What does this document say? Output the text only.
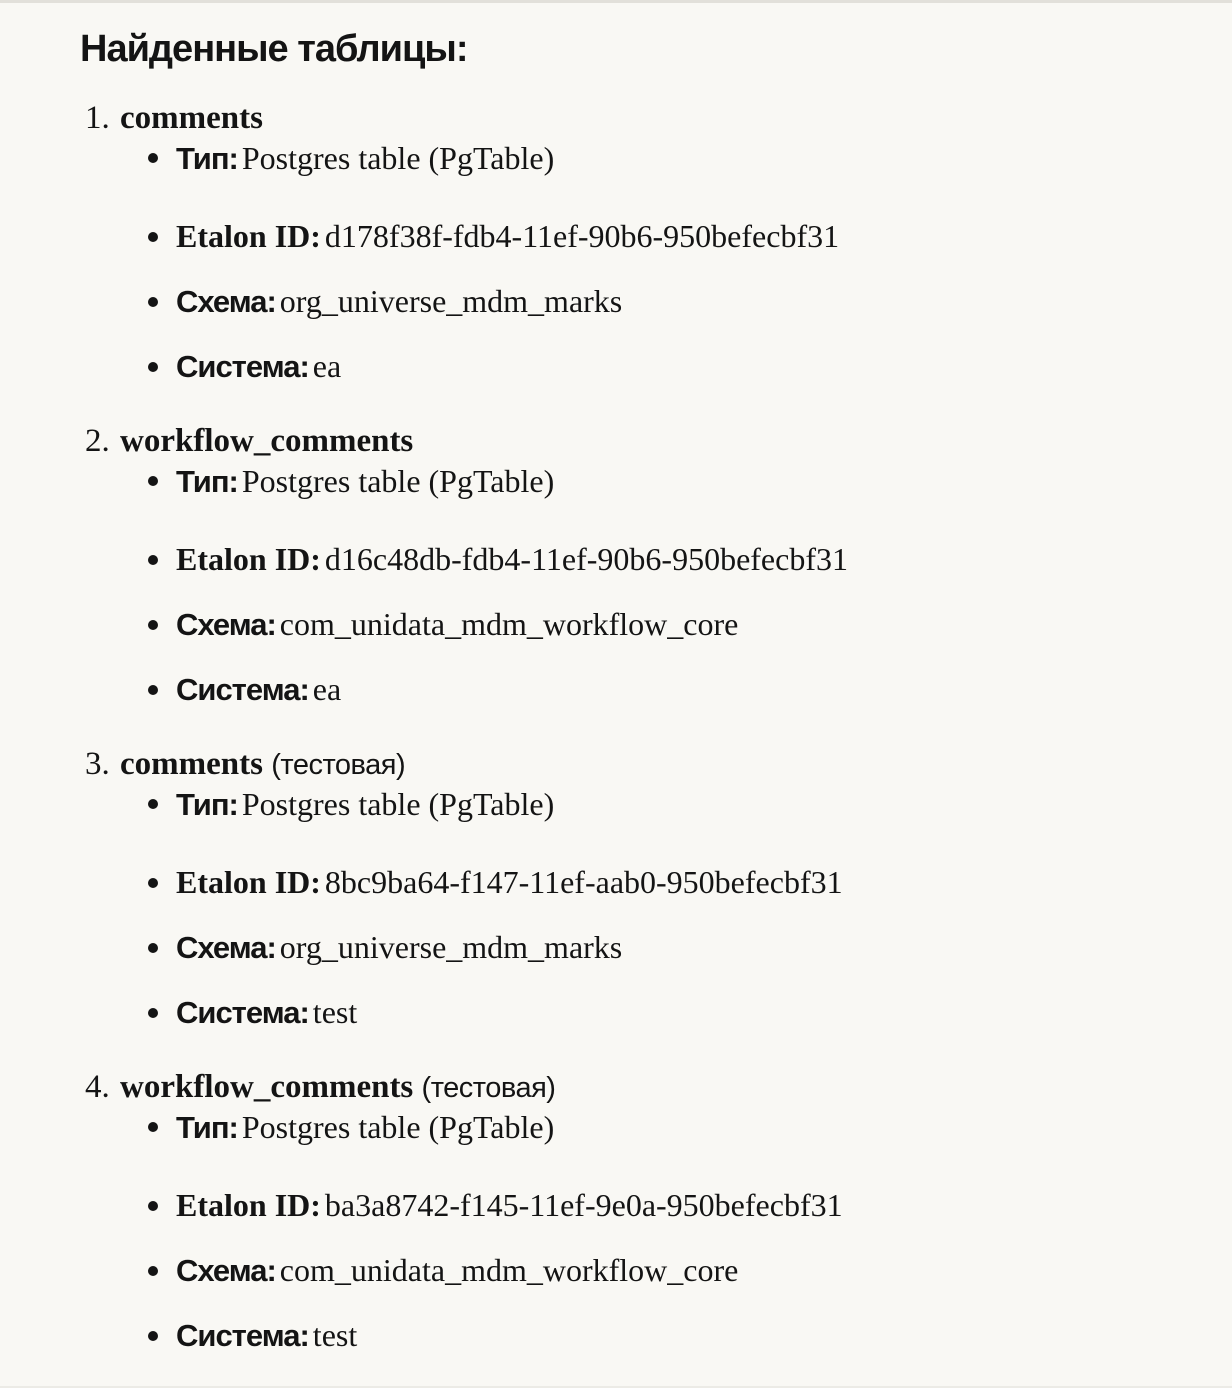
Найденные таблицы:
1. comments
Тип: Postgres table (PgTable)
Etalon ID: d178f38f-fdb4-11ef-90b6-950befecbf31
Схема: org_universe_mdm_marks
Система: ea
2. workflow_comments
Тип: Postgres table (PgTable)
Etalon ID: d16c48db-fdb4-11ef-90b6-950befecbf31
Схема: com_unidata_mdm_workflow_core
Система: ea
3. comments (тестовая)
Тип: Postgres table (PgTable)
Etalon ID: 8bc9ba64-f147-11ef-aab0-950befecbf31
Схема: org_universe_mdm_marks
Система: test
4. workflow_comments (тестовая)
Тип: Postgres table (PgTable)
Etalon ID: ba3a8742-f145-11ef-9e0a-950befecbf31
Схема: com_unidata_mdm_workflow_core
Система: test
